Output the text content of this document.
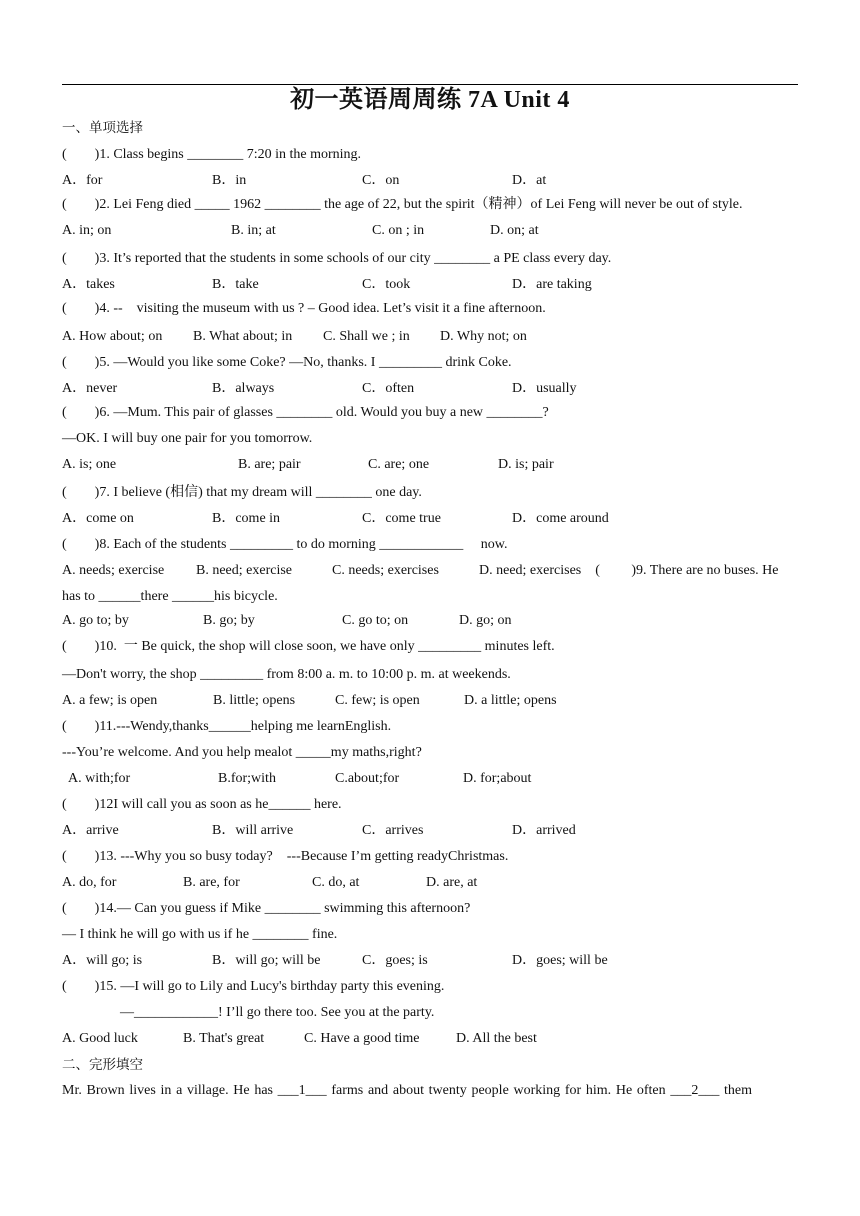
初一英语周周练 7A Unit 4
一、单项选择
(        )1. Class begins ________ 7:20 in the morning.
A．for	B．in	C．on	D．at
(        )2. Lei Feng died _____ 1962 ________ the age of 22, but the spirit（精神）of Lei Feng will never be out of style.
A. in; on	B. in; at	C. on ; in	D. on; at
(        )3. It’s reported that the students in some schools of our city ________ a PE class every day.
A．takes	B．take	C．took	D．are taking
(        )4. --    visiting the museum with us ? – Good idea. Let’s visit it a fine afternoon.
A. How about; on B. What about; in C. Shall we ; in D. Why not; on
(        )5. —Would you like some Coke? —No, thanks. I _________ drink Coke.
A．never	B．always	C．often	D．usually
(        )6. —Mum. This pair of glasses ________ old. Would you buy a new ________?
—OK. I will buy one pair for you tomorrow.
A. is; one	B. are; pair	C. are; one	D. is; pair
(        )7. I believe (相信) that my dream will ________ one day.
A．come on	B．come in	C．come true	D．come around
(        )8. Each of the students _________ to do morning ____________     now.
A. needs; exercise B. need; exercise	C. needs; exercises	D. need; exercises    (         )9. There are no buses. He
has to ______there ______his bicycle.
A. go to; by	B. go; by	C. go to; on	D. go; on
(        )10.  一 Be quick, the shop will close soon, we have only _________ minutes left.
—Don't worry, the shop _________ from 8:00 a. m. to 10:00 p. m. at weekends.
A. a few; is open	B. little; opens	C. few; is open	D. a little; opens
(        )11.---Wendy,thanks______helping me learnEnglish.
---You’re welcome. And you help mealot _____my maths,right?
A. with;for	B.for;with	C.about;for	D. for;about
(        )12I will call you as soon as he______ here.
A．arrive	B．will arrive	C．arrives	D．arrived
(        )13. ---Why you so busy today?    ---Because I’m getting readyChristmas.
A. do, for	B. are, for	C. do, at	D. are, at
(        )14.— Can you guess if Mike ________ swimming this afternoon?
— I think he will go with us if he ________ fine.
A．will go; is	B．will go; will be	C．goes; is	D．goes; will be
(        )15. —I will go to Lily and Lucy's birthday party this evening.
—____________! I’ll go there too. See you at the party.
A. Good luck	B. That's great	C. Have a good time	D. All the best
二、完形填空
Mr. Brown lives in a village. He has ___1___ farms and about twenty people working for him. He often ___2___ them
